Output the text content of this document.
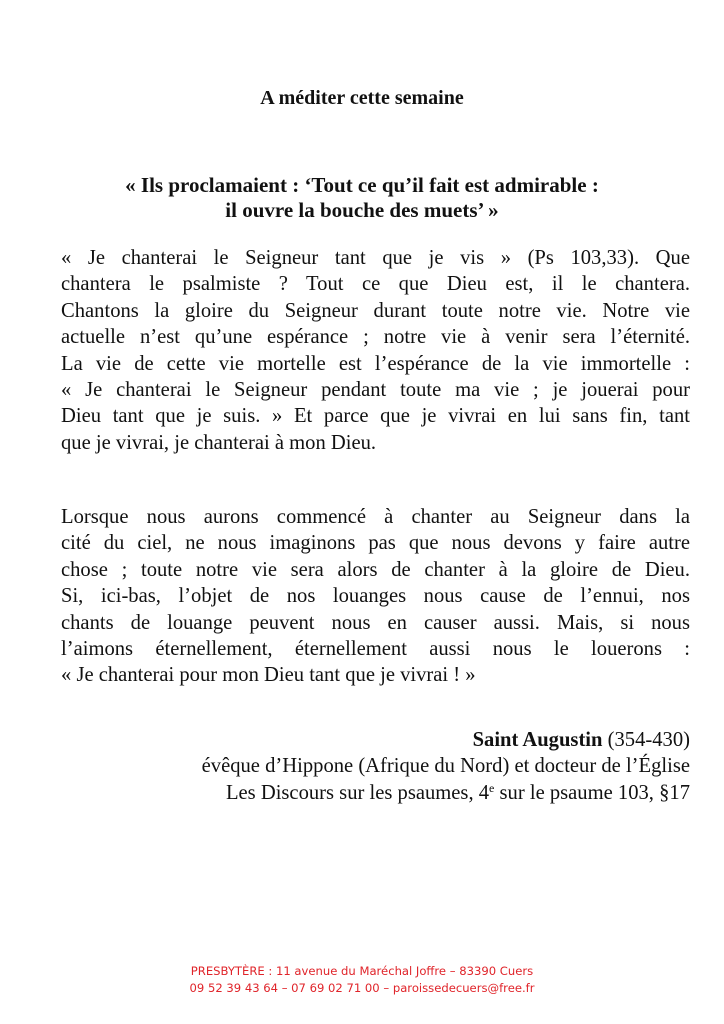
A méditer cette semaine
« Ils proclamaient : ‘Tout ce qu’il fait est admirable :
il ouvre la bouche des muets’ »

« Je chanterai le Seigneur tant que je vis » (Ps 103,33). Que
chantera le psalmiste ? Tout ce que Dieu est, il le chantera.
Chantons la gloire du Seigneur durant toute notre vie. Notre vie
actuelle n’est qu’une espérance ; notre vie à venir sera l’éternité.
La vie de cette vie mortelle est l’espérance de la vie immortelle :
« Je chanterai le Seigneur pendant toute ma vie ; je jouerai pour
Dieu tant que je suis. » Et parce que je vivrai en lui sans fin, tant
que je vivrai, je chanterai à mon Dieu.

Lorsque nous aurons commencé à chanter au Seigneur dans la
cité du ciel, ne nous imaginons pas que nous devons y faire autre
chose ; toute notre vie sera alors de chanter à la gloire de Dieu.
Si, ici-bas, l’objet de nos louanges nous cause de l’ennui, nos
chants de louange peuvent nous en causer aussi. Mais, si nous
l’aimons éternellement, éternellement aussi nous le louerons :
« Je chanterai pour mon Dieu tant que je vivrai ! »

Saint Augustin (354-430)
évêque d’Hippone (Afrique du Nord) et docteur de l’Église
Les Discours sur les psaumes, 4e sur le psaume 103, §17
PRESBYTÈRE : 11 avenue du Maréchal Joffre – 83390 Cuers
09 52 39 43 64 – 07 69 02 71 00 – paroissedecuers@free.fr
